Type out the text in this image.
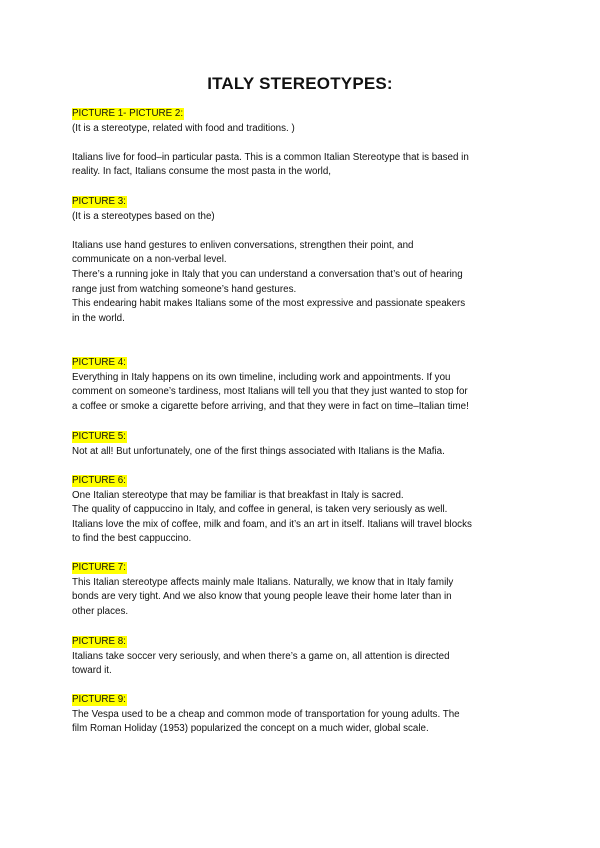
ITALY STEREOTYPES:
PICTURE 1- PICTURE 2:
(It is a stereotype, related with food and traditions. )
Italians live for food–in particular pasta. This is a common Italian Stereotype that is based in
reality. In fact, Italians consume the most pasta in the world,
PICTURE 3:
(It is a stereotypes based on the)
Italians use hand gestures to enliven conversations, strengthen their point, and
communicate on a non-verbal level.
There’s a running joke in Italy that you can understand a conversation that’s out of hearing
range just from watching someone’s hand gestures.
This endearing habit makes Italians some of the most expressive and passionate speakers
in the world.
PICTURE 4:
Everything in Italy happens on its own timeline, including work and appointments. If you
comment on someone’s tardiness, most Italians will tell you that they just wanted to stop for
a coffee or smoke a cigarette before arriving, and that they were in fact on time–Italian time!
PICTURE 5:
Not at all! But unfortunately, one of the first things associated with Italians is the Mafia.
PICTURE 6:
One Italian stereotype that may be familiar is that breakfast in Italy is sacred.
The quality of cappuccino in Italy, and coffee in general, is taken very seriously as well.
Italians love the mix of coffee, milk and foam, and it’s an art in itself. Italians will travel blocks
to find the best cappuccino.
PICTURE 7:
This Italian stereotype affects mainly male Italians. Naturally, we know that in Italy family
bonds are very tight. And we also know that young people leave their home later than in
other places.
PICTURE 8:
Italians take soccer very seriously, and when there’s a game on, all attention is directed
toward it.
PICTURE 9:
The Vespa used to be a cheap and common mode of transportation for young adults. The
film Roman Holiday (1953) popularized the concept on a much wider, global scale.
